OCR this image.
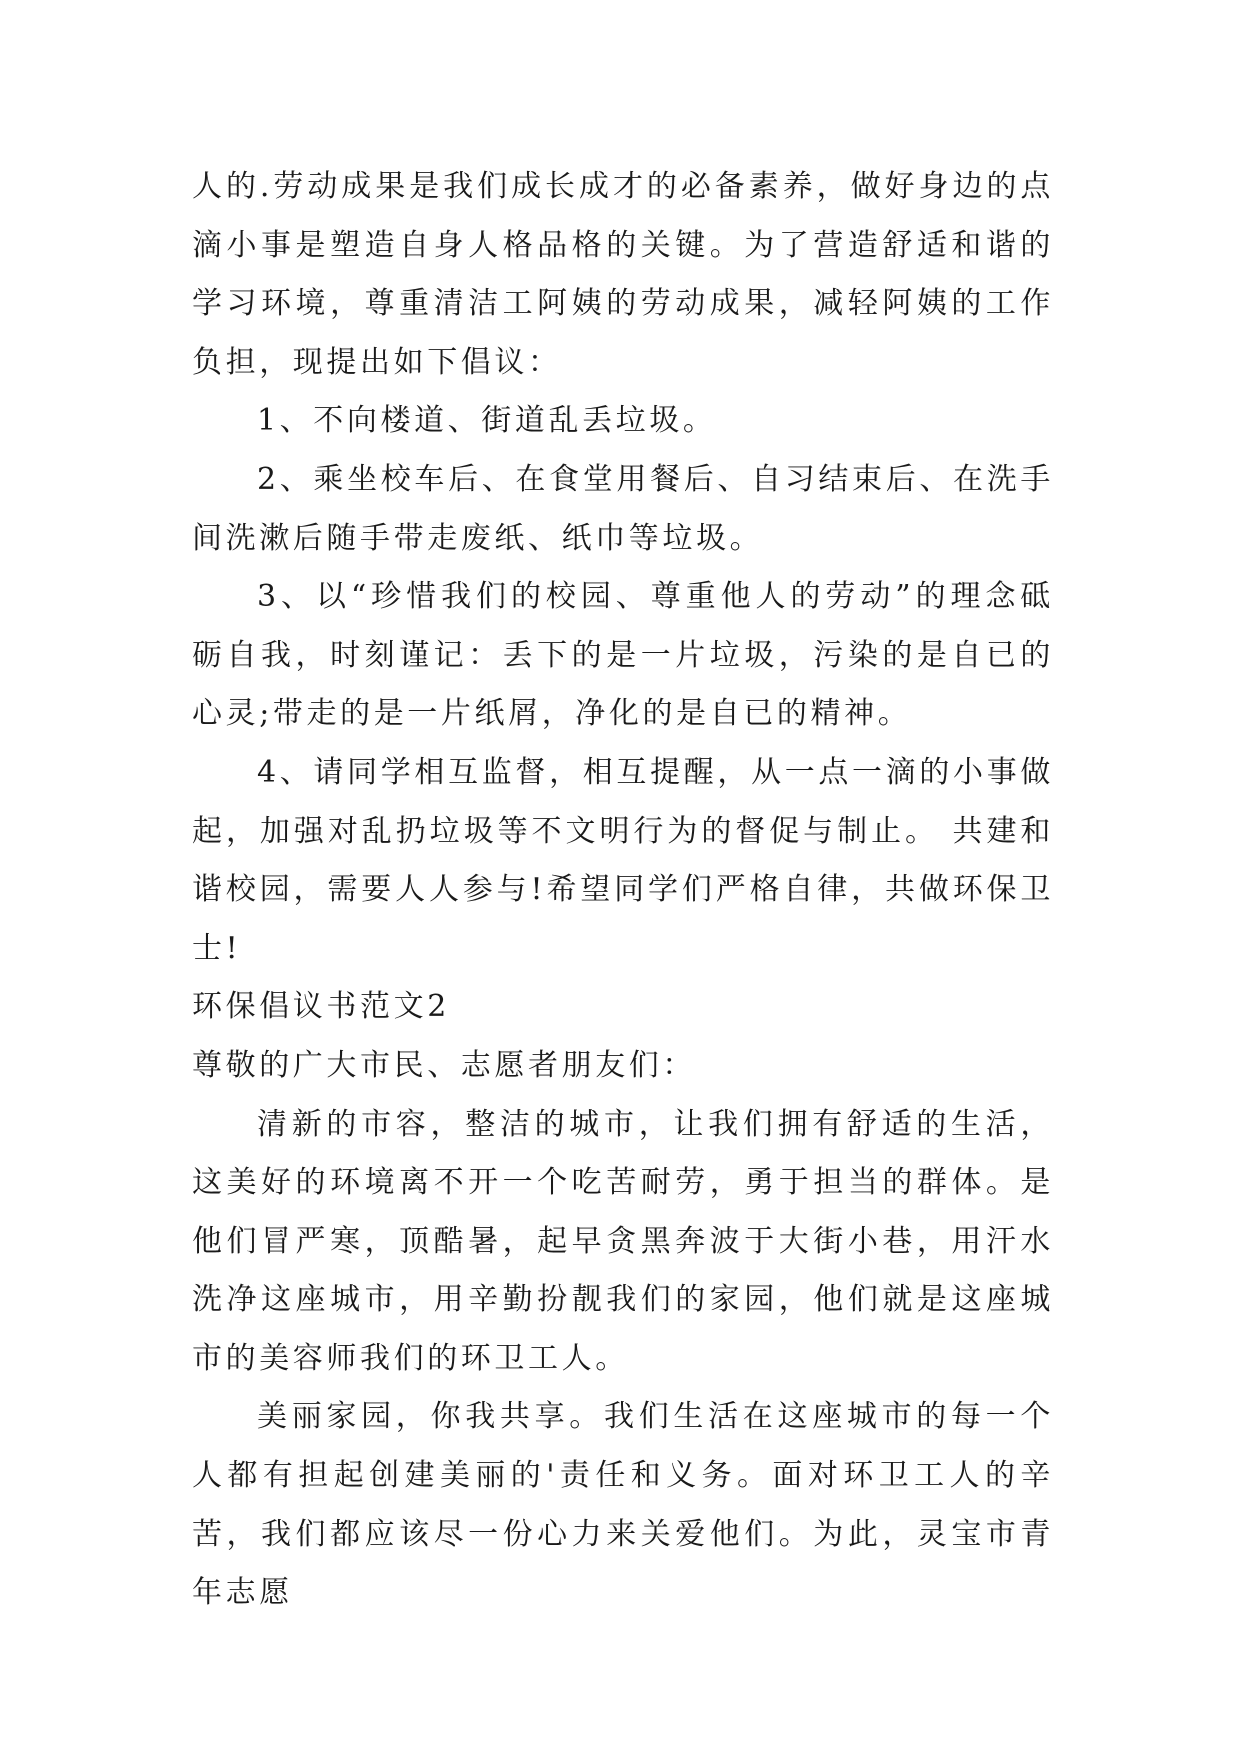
人的.劳动成果是我们成长成才的必备素养，做好身边的点滴小事是塑造自身人格品格的关键。为了营造舒适和谐的学习环境，尊重清洁工阿姨的劳动成果，减轻阿姨的工作负担，现提出如下倡议：

1、不向楼道、街道乱丢垃圾。

2、乘坐校车后、在食堂用餐后、自习结束后、在洗手间洗漱后随手带走废纸、纸巾等垃圾。

3、以“珍惜我们的校园、尊重他人的劳动”的理念砥砺自我，时刻谨记：丢下的是一片垃圾，污染的是自已的心灵;带走的是一片纸屑，净化的是自已的精神。

4、请同学相互监督，相互提醒，从一点一滴的小事做起，加强对乱扔垃圾等不文明行为的督促与制止。 共建和谐校园，需要人人参与!希望同学们严格自律，共做环保卫士!

环保倡议书范文2

尊敬的广大市民、志愿者朋友们：

清新的市容，整洁的城市，让我们拥有舒适的生活，这美好的环境离不开一个吃苦耐劳，勇于担当的群体。是他们冒严寒，顶酷暑，起早贪黑奔波于大街小巷，用汗水洗净这座城市，用辛勤扮靓我们的家园，他们就是这座城市的美容师我们的环卫工人。

美丽家园，你我共享。我们生活在这座城市的每一个人都有担起创建美丽的'责任和义务。面对环卫工人的辛苦，我们都应该尽一份心力来关爱他们。为此，灵宝市青年志愿
